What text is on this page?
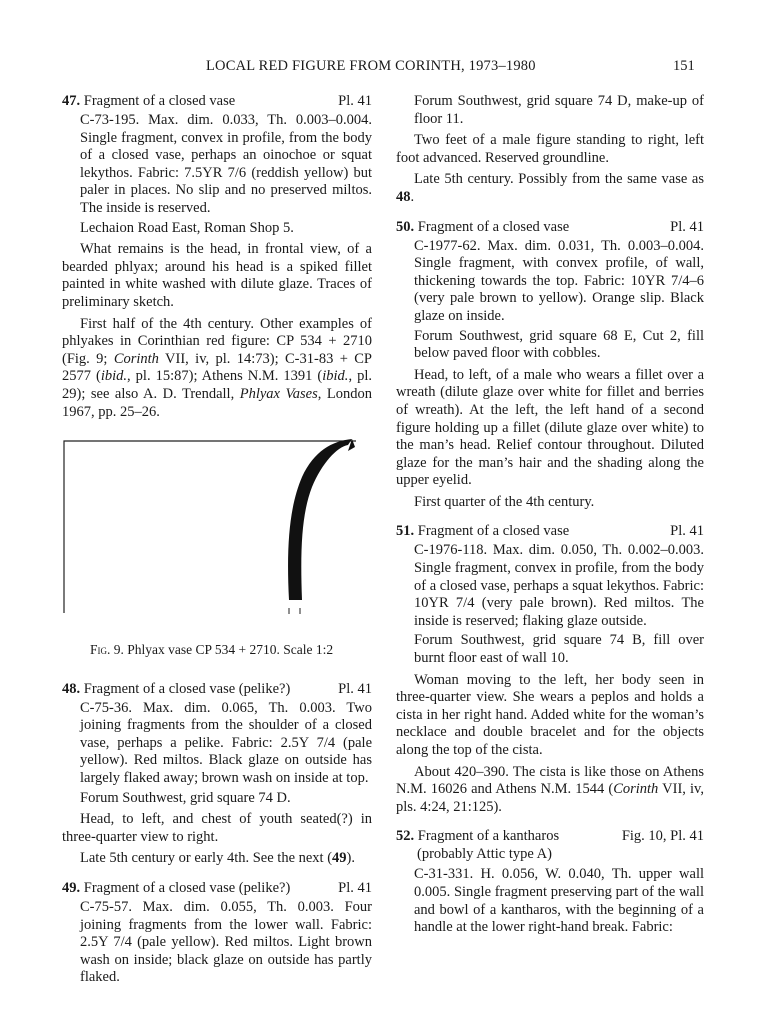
LOCAL RED FIGURE FROM CORINTH, 1973–1980	151
47. Fragment of a closed vase	Pl. 41

C-73-195. Max. dim. 0.033, Th. 0.003–0.004. Single fragment, convex in profile, from the body of a closed vase, perhaps an oinochoe or squat lekythos. Fabric: 7.5YR 7/6 (reddish yellow) but paler in places. No slip and no preserved miltos. The inside is reserved.

Lechaion Road East, Roman Shop 5.

What remains is the head, in frontal view, of a bearded phlyax; around his head is a spiked fillet painted in white washed with dilute glaze. Traces of preliminary sketch.

First half of the 4th century. Other examples of phlyakes in Corinthian red figure: CP 534 + 2710 (Fig. 9; Corinth VII, iv, pl. 14:73); C-31-83 + CP 2577 (ibid., pl. 15:87); Athens N.M. 1391 (ibid., pl. 29); see also A. D. Trendall, Phlyax Vases, London 1967, pp. 25–26.

Fig. 9. Phlyax vase CP 534 + 2710. Scale 1:2
48. Fragment of a closed vase (pelike?)	Pl. 41

C-75-36. Max. dim. 0.065, Th. 0.003. Two joining fragments from the shoulder of a closed vase, perhaps a pelike. Fabric: 2.5Y 7/4 (pale yellow). Red miltos. Black glaze on outside has largely flaked away; brown wash on inside at top.

Forum Southwest, grid square 74 D.

Head, to left, and chest of youth seated(?) in three-quarter view to right.

Late 5th century or early 4th. See the next (49).

49. Fragment of a closed vase (pelike?)	Pl. 41

C-75-57. Max. dim. 0.055, Th. 0.003. Four joining fragments from the lower wall. Fabric: 2.5Y 7/4 (pale yellow). Red miltos. Light brown wash on inside; black glaze on outside has partly flaked.

Forum Southwest, grid square 74 D, make-up of floor 11.

Two feet of a male figure standing to right, left foot advanced. Reserved groundline.

Late 5th century. Possibly from the same vase as 48.

50. Fragment of a closed vase	Pl. 41

C-1977-62. Max. dim. 0.031, Th. 0.003–0.004. Single fragment, with convex profile, of wall, thickening towards the top. Fabric: 10YR 7/4–6 (very pale brown to yellow). Orange slip. Black glaze on inside.

Forum Southwest, grid square 68 E, Cut 2, fill below paved floor with cobbles.

Head, to left, of a male who wears a fillet over a wreath (dilute glaze over white for fillet and berries of wreath). At the left, the left hand of a second figure holding up a fillet (dilute glaze over white) to the man’s head. Relief contour throughout. Diluted glaze for the man’s hair and the shading along the upper eyelid.

First quarter of the 4th century.

51. Fragment of a closed vase	Pl. 41

C-1976-118. Max. dim. 0.050, Th. 0.002–0.003. Single fragment, convex in profile, from the body of a closed vase, perhaps a squat lekythos. Fabric: 10YR 7/4 (very pale brown). Red miltos. The inside is reserved; flaking glaze outside.

Forum Southwest, grid square 74 B, fill over burnt floor east of wall 10.

Woman moving to the left, her body seen in three-quarter view. She wears a peplos and holds a cista in her right hand. Added white for the woman’s necklace and double bracelet and for the objects along the top of the cista.

About 420–390. The cista is like those on Athens N.M. 16026 and Athens N.M. 1544 (Corinth VII, iv, pls. 4:24, 21:125).

52. Fragment of a kantharos	Fig. 10, Pl. 41
(probably Attic type A)

C-31-331. H. 0.056, W. 0.040, Th. upper wall 0.005. Single fragment preserving part of the wall and bowl of a kantharos, with the beginning of a handle at the lower right-hand break. Fabric:
